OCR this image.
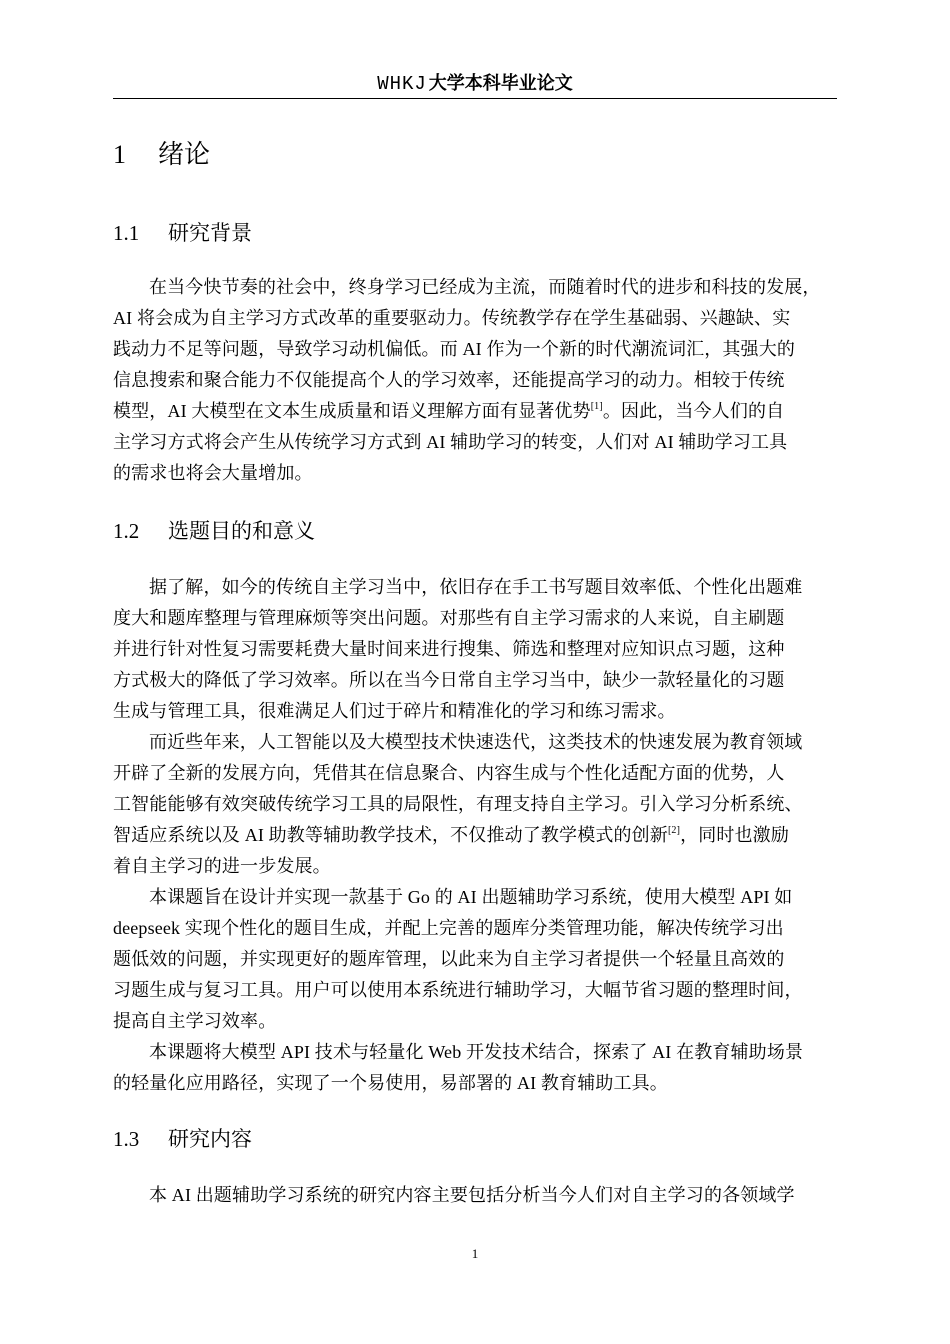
WHKJ 大学本科毕业论文
1 绪论
1.1 研究背景
在当今快节奏的社会中，终身学习已经成为主流，而随着时代的进步和科技的发展，
AI 将会成为自主学习方式改革的重要驱动力。传统教学存在学生基础弱、兴趣缺、实
践动力不足等问题，导致学习动机偏低。而 AI 作为一个新的时代潮流词汇，其强大的
信息搜索和聚合能力不仅能提高个人的学习效率，还能提高学习的动力。相较于传统
模型，AI 大模型在文本生成质量和语义理解方面有显著优势[1]。因此，当今人们的自
主学习方式将会产生从传统学习方式到 AI 辅助学习的转变，人们对 AI 辅助学习工具
的需求也将会大量增加。
1.2 选题目的和意义
据了解，如今的传统自主学习当中，依旧存在手工书写题目效率低、个性化出题难
度大和题库整理与管理麻烦等突出问题。对那些有自主学习需求的人来说，自主刷题
并进行针对性复习需要耗费大量时间来进行搜集、筛选和整理对应知识点习题，这种
方式极大的降低了学习效率。所以在当今日常自主学习当中，缺少一款轻量化的习题
生成与管理工具，很难满足人们过于碎片和精准化的学习和练习需求。
而近些年来，人工智能以及大模型技术快速迭代，这类技术的快速发展为教育领域
开辟了全新的发展方向，凭借其在信息聚合、内容生成与个性化适配方面的优势，人
工智能能够有效突破传统学习工具的局限性，有理支持自主学习。引入学习分析系统、
智适应系统以及 AI 助教等辅助教学技术，不仅推动了教学模式的创新[2]，同时也激励
着自主学习的进一步发展。
本课题旨在设计并实现一款基于 Go 的 AI 出题辅助学习系统，使用大模型 API 如
deepseek 实现个性化的题目生成，并配上完善的题库分类管理功能，解决传统学习出
题低效的问题，并实现更好的题库管理，以此来为自主学习者提供一个轻量且高效的
习题生成与复习工具。用户可以使用本系统进行辅助学习，大幅节省习题的整理时间，
提高自主学习效率。
本课题将大模型 API 技术与轻量化 Web 开发技术结合，探索了 AI 在教育辅助场景
的轻量化应用路径，实现了一个易使用，易部署的 AI 教育辅助工具。
1.3 研究内容
本 AI 出题辅助学习系统的研究内容主要包括分析当今人们对自主学习的各领域学
1
